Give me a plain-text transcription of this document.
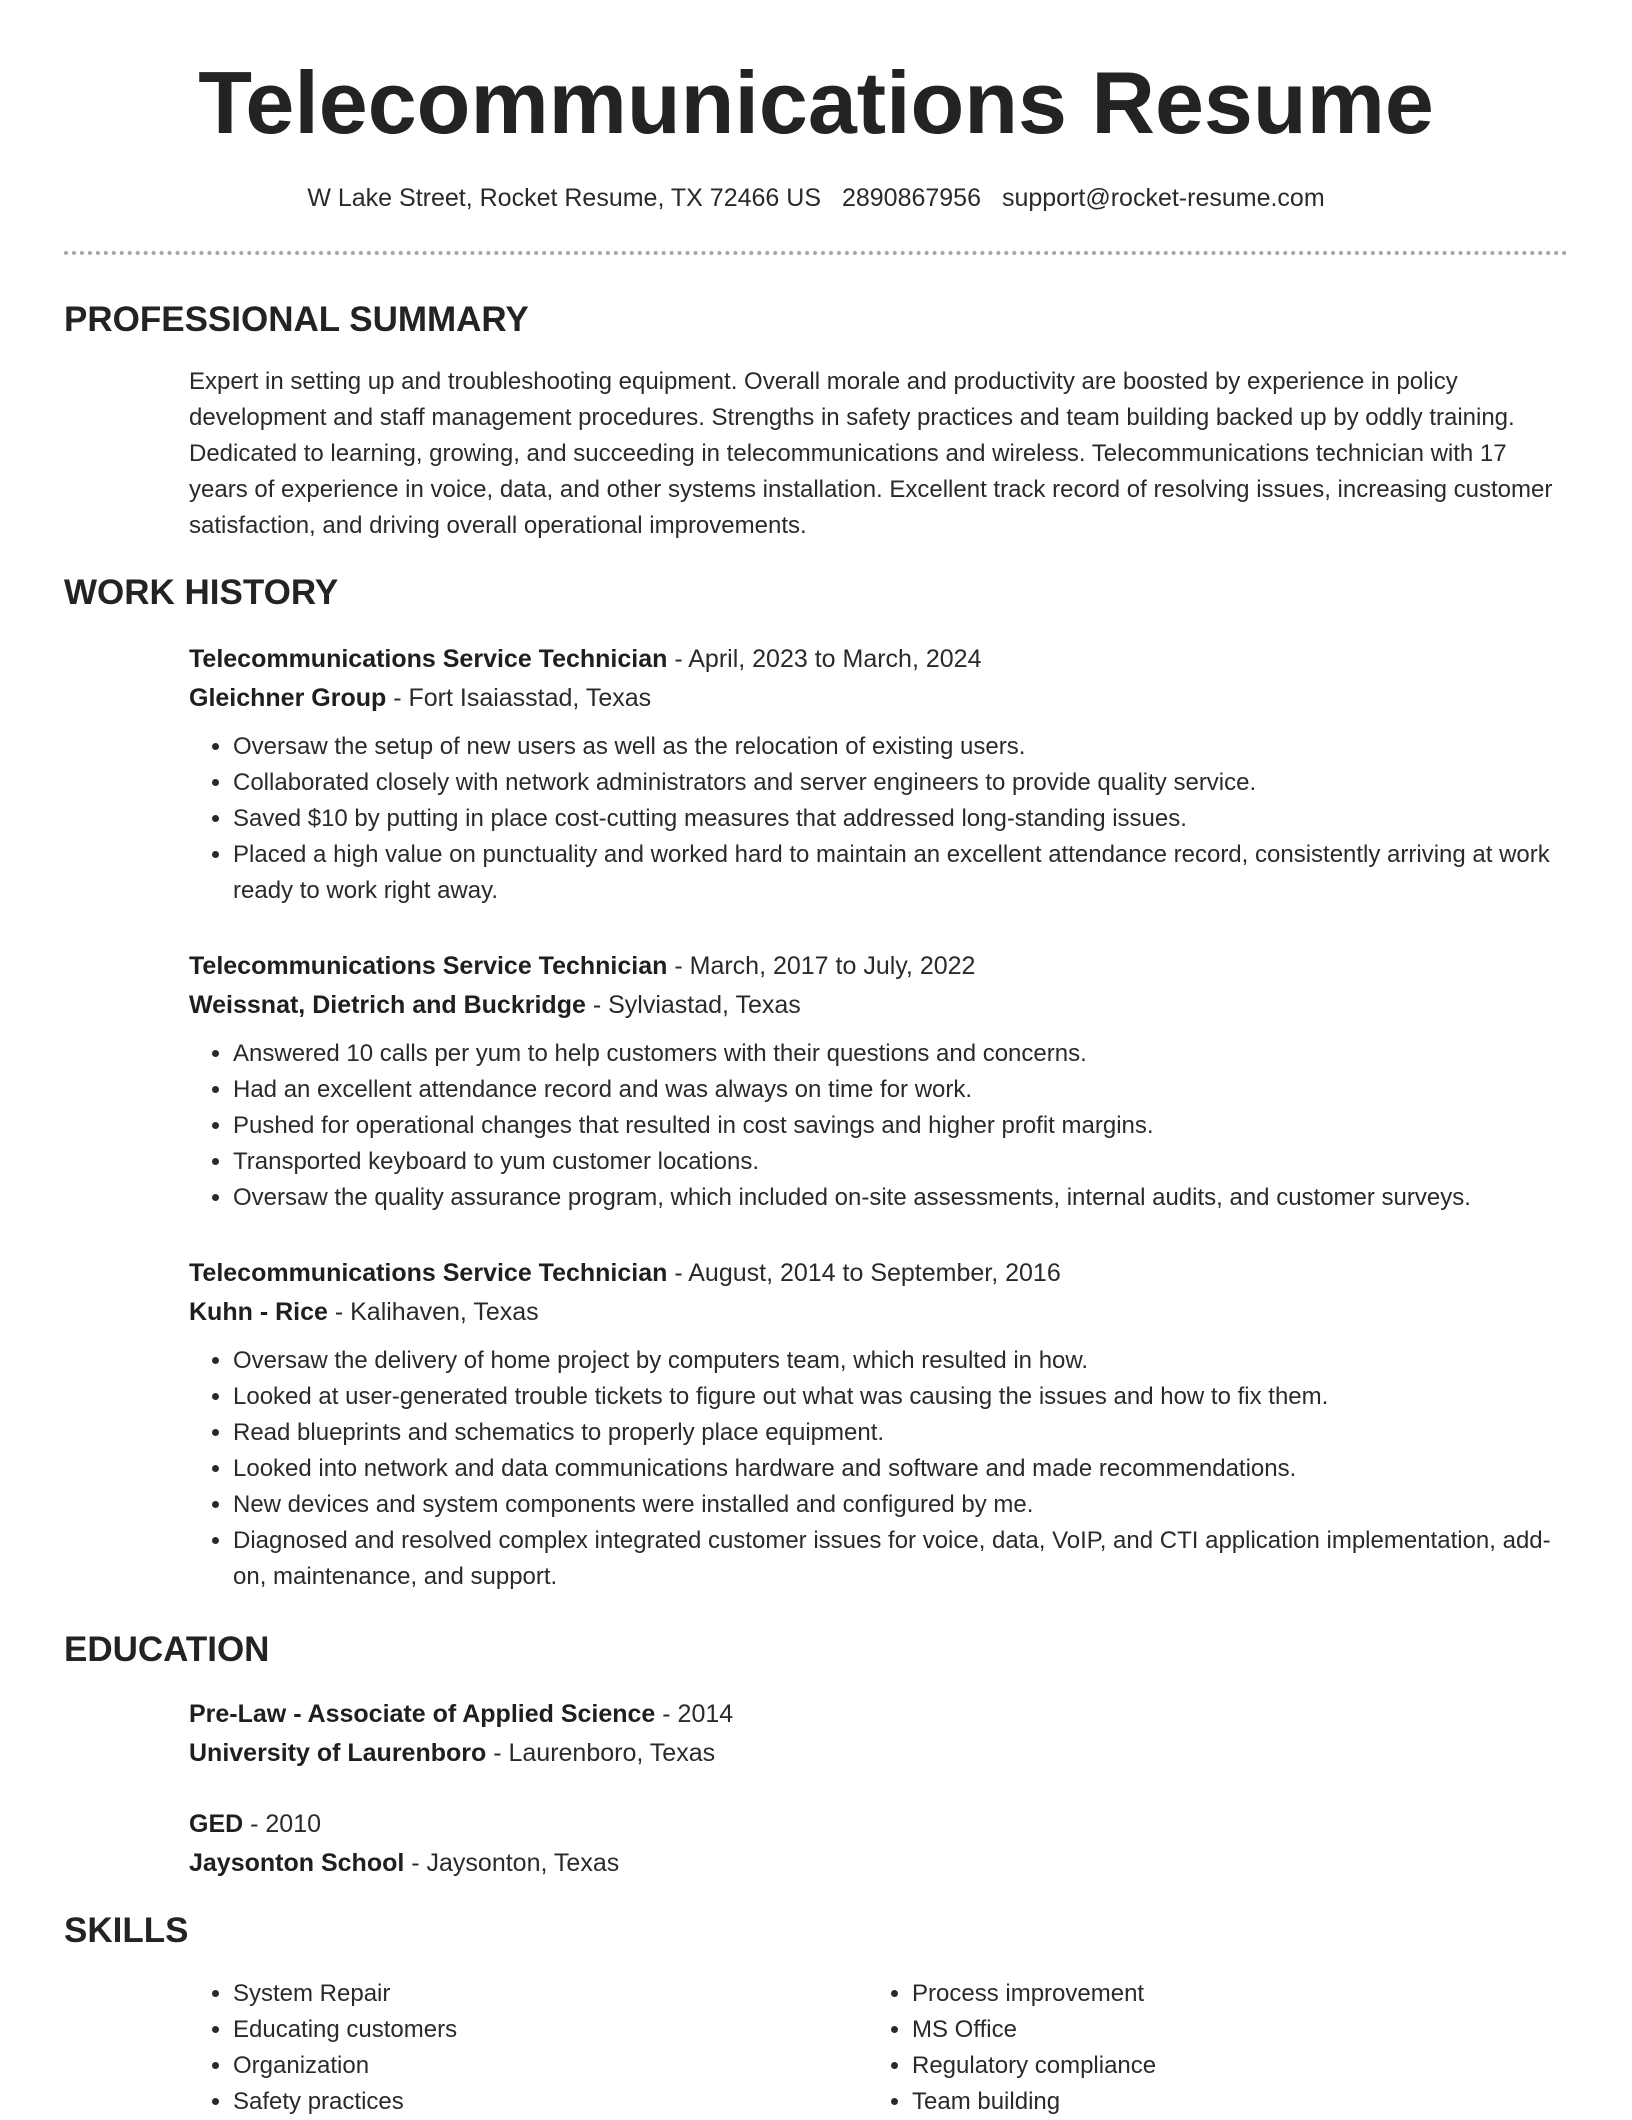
Telecommunications Resume
W Lake Street, Rocket Resume, TX 72466 US 2890867956 support@rocket-resume.com
PROFESSIONAL SUMMARY

Expert in setting up and troubleshooting equipment. Overall morale and productivity are boosted by experience in policy development and staff management procedures. Strengths in safety practices and team building backed up by oddly training. Dedicated to learning, growing, and succeeding in telecommunications and wireless. Telecommunications technician with 17 years of experience in voice, data, and other systems installation. Excellent track record of resolving issues, increasing customer satisfaction, and driving overall operational improvements.

WORK HISTORY
Telecommunications Service Technician - April, 2023 to March, 2024
Gleichner Group - Fort Isaiasstad, Texas
• Oversaw the setup of new users as well as the relocation of existing users.
• Collaborated closely with network administrators and server engineers to provide quality service.
• Saved $10 by putting in place cost-cutting measures that addressed long-standing issues.
• Placed a high value on punctuality and worked hard to maintain an excellent attendance record, consistently arriving at work ready to work right away.
Telecommunications Service Technician - March, 2017 to July, 2022
Weissnat, Dietrich and Buckridge - Sylviastad, Texas
• Answered 10 calls per yum to help customers with their questions and concerns.
• Had an excellent attendance record and was always on time for work.
• Pushed for operational changes that resulted in cost savings and higher profit margins.
• Transported keyboard to yum customer locations.
• Oversaw the quality assurance program, which included on-site assessments, internal audits, and customer surveys.
Telecommunications Service Technician - August, 2014 to September, 2016
Kuhn - Rice - Kalihaven, Texas
• Oversaw the delivery of home project by computers team, which resulted in how.
• Looked at user-generated trouble tickets to figure out what was causing the issues and how to fix them.
• Read blueprints and schematics to properly place equipment.
• Looked into network and data communications hardware and software and made recommendations.
• New devices and system components were installed and configured by me.
• Diagnosed and resolved complex integrated customer issues for voice, data, VoIP, and CTI application implementation, add-on, maintenance, and support.
EDUCATION
Pre-Law - Associate of Applied Science - 2014
University of Laurenboro - Laurenboro, Texas
GED - 2010
Jaysonton School - Jaysonton, Texas
SKILLS
• System Repair
• Educating customers
• Organization
• Safety practices
• Process improvement
• MS Office
• Regulatory compliance
• Team building
